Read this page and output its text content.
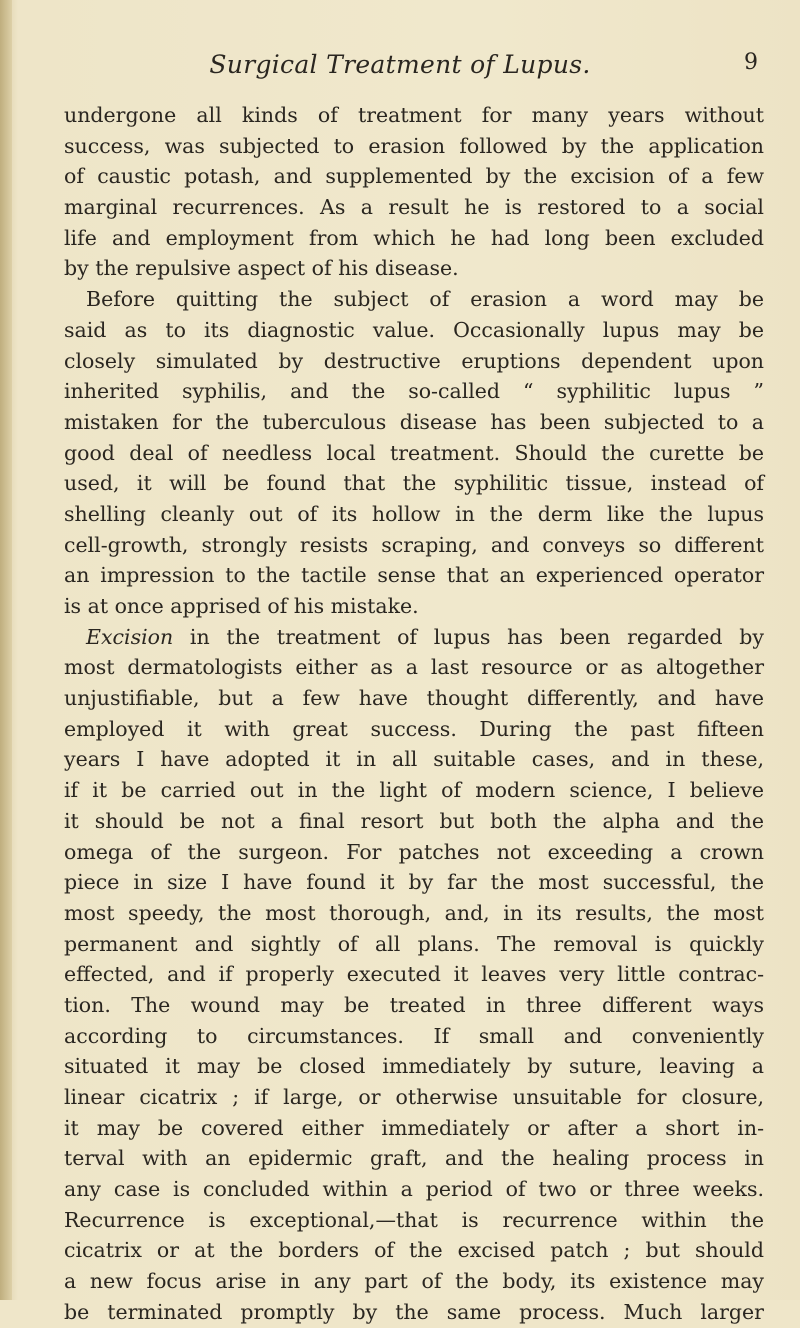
Surgical Treatment of Lupus.	9
undergone all kinds of treatment for many years without
success, was subjected to erasion followed by the application
of caustic potash, and supplemented by the excision of a few
marginal recurrences. As a result he is restored to a social
life and employment from which he had long been excluded
by the repulsive aspect of his disease.
Before quitting the subject of erasion a word may be
said as to its diagnostic value. Occasionally lupus may be
closely simulated by destructive eruptions dependent upon
inherited syphilis, and the so-called “ syphilitic lupus ”
mistaken for the tuberculous disease has been subjected to a
good deal of needless local treatment. Should the curette be
used, it will be found that the syphilitic tissue, instead of
shelling cleanly out of its hollow in the derm like the lupus
cell-growth, strongly resists scraping, and conveys so different
an impression to the tactile sense that an experienced operator
is at once apprised of his mistake.
Excision in the treatment of lupus has been regarded by
most dermatologists either as a last resource or as altogether
unjustifiable, but a few have thought differently, and have
employed it with great success. During the past fifteen
years I have adopted it in all suitable cases, and in these,
if it be carried out in the light of modern science, I believe
it should be not a final resort but both the alpha and the
omega of the surgeon. For patches not exceeding a crown
piece in size I have found it by far the most successful, the
most speedy, the most thorough, and, in its results, the most
permanent and sightly of all plans. The removal is quickly
effected, and if properly executed it leaves very little contrac-
tion. The wound may be treated in three different ways
according to circumstances. If small and conveniently
situated it may be closed immediately by suture, leaving a
linear cicatrix ; if large, or otherwise unsuitable for closure,
it may be covered either immediately or after a short in-
terval with an epidermic graft, and the healing process in
any case is concluded within a period of two or three weeks.
Recurrence is exceptional,—that is recurrence within the
cicatrix or at the borders of the excised patch ; but should
a new focus arise in any part of the body, its existence may
be terminated promptly by the same process. Much larger
